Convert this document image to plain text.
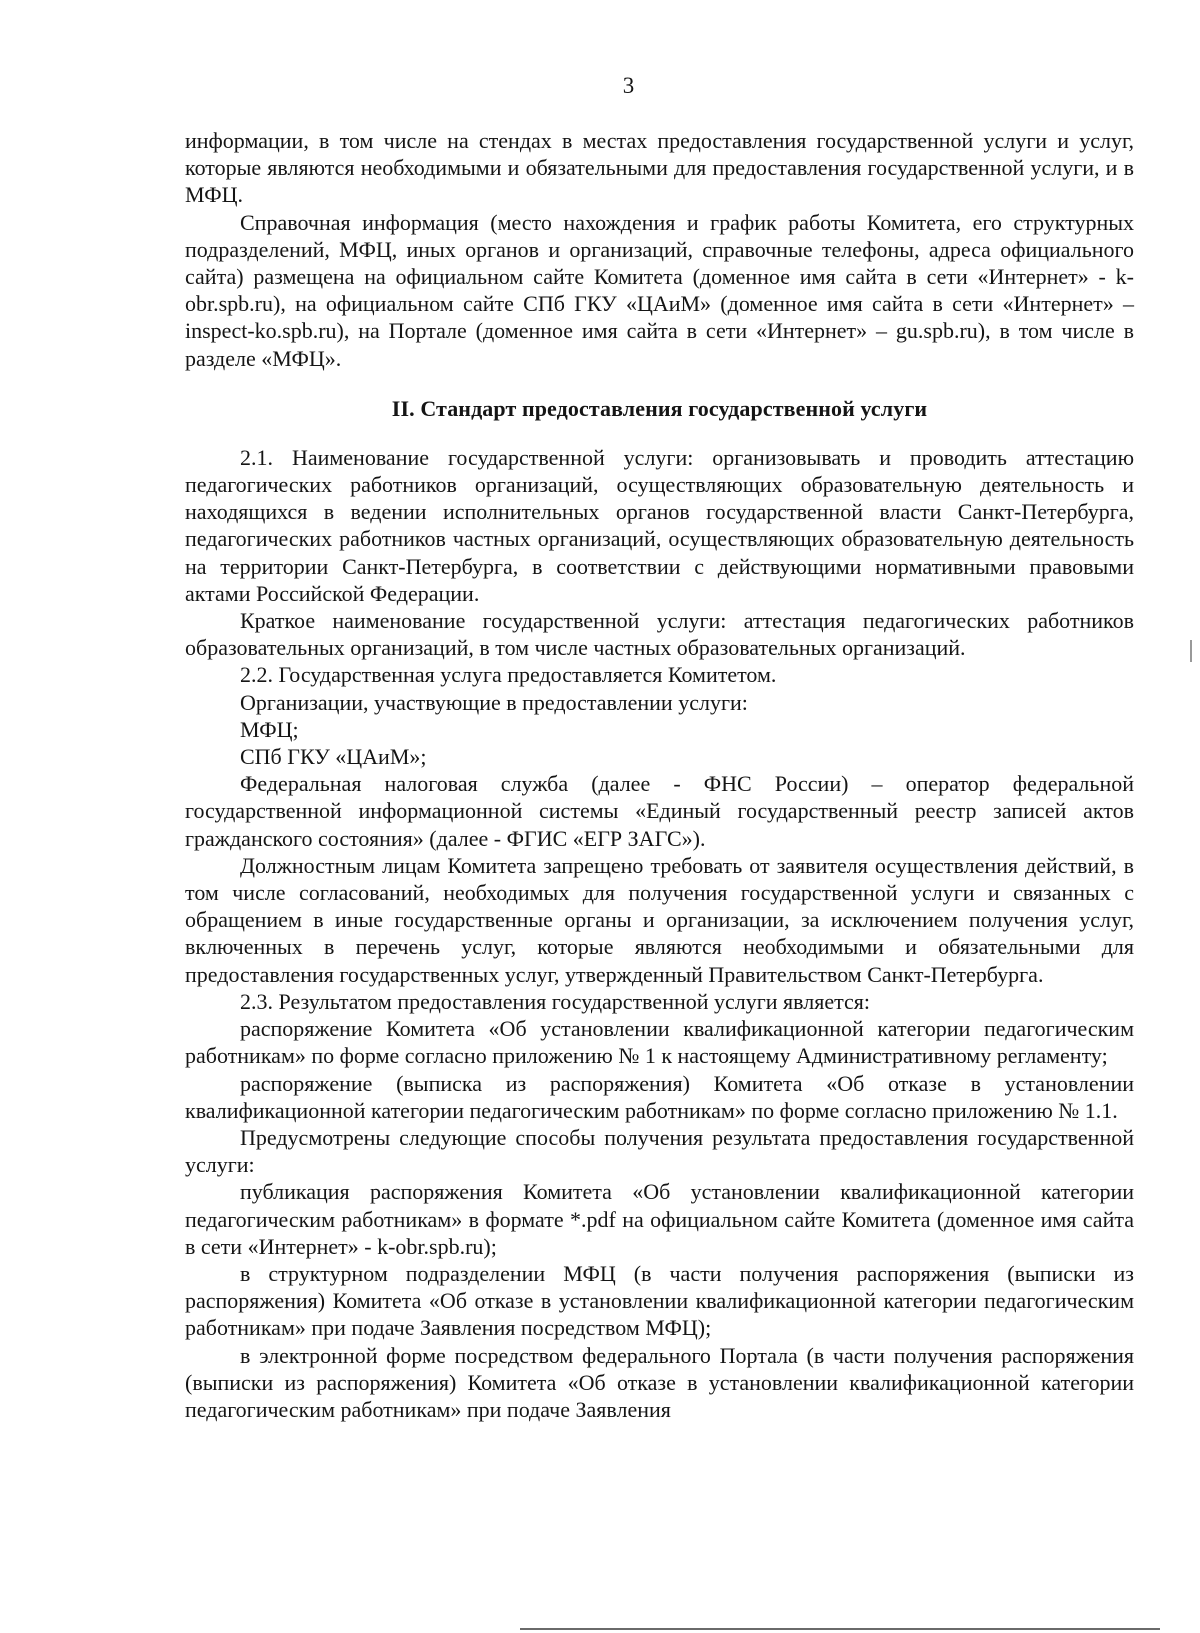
3

информации, в том числе на стендах в местах предоставления государственной услуги и услуг, которые являются необходимыми и обязательными для предоставления государственной услуги, и в МФЦ.

Справочная информация (место нахождения и график работы Комитета, его структурных подразделений, МФЦ, иных органов и организаций, справочные телефоны, адреса официального сайта) размещена на официальном сайте Комитета (доменное имя сайта в сети «Интернет» - k-obr.spb.ru), на официальном сайте СПб ГКУ «ЦАиМ» (доменное имя сайта в сети «Интернет» – inspect-ko.spb.ru), на Портале (доменное имя сайта в сети «Интернет» – gu.spb.ru), в том числе в разделе «МФЦ».

II. Стандарт предоставления государственной услуги

2.1. Наименование государственной услуги: организовывать и проводить аттестацию педагогических работников организаций, осуществляющих образовательную деятельность и находящихся в ведении исполнительных органов государственной власти Санкт-Петербурга, педагогических работников частных организаций, осуществляющих образовательную деятельность на территории Санкт-Петербурга, в соответствии с действующими нормативными правовыми актами Российской Федерации.

Краткое наименование государственной услуги: аттестация педагогических работников образовательных организаций, в том числе частных образовательных организаций.

2.2. Государственная услуга предоставляется Комитетом.

Организации, участвующие в предоставлении услуги:

МФЦ;

СПб ГКУ «ЦАиМ»;

Федеральная налоговая служба (далее - ФНС России) – оператор федеральной государственной информационной системы «Единый государственный реестр записей актов гражданского состояния» (далее - ФГИС «ЕГР ЗАГС»).

Должностным лицам Комитета запрещено требовать от заявителя осуществления действий, в том числе согласований, необходимых для получения государственной услуги и связанных с обращением в иные государственные органы и организации, за исключением получения услуг, включенных в перечень услуг, которые являются необходимыми и обязательными для предоставления государственных услуг, утвержденный Правительством Санкт-Петербурга.

2.3. Результатом предоставления государственной услуги является:

распоряжение Комитета «Об установлении квалификационной категории педагогическим работникам» по форме согласно приложению № 1 к настоящему Административному регламенту;

распоряжение (выписка из распоряжения) Комитета «Об отказе в установлении квалификационной категории педагогическим работникам» по форме согласно приложению № 1.1.

Предусмотрены следующие способы получения результата предоставления государственной услуги:

публикация распоряжения Комитета «Об установлении квалификационной категории педагогическим работникам» в формате *.pdf на официальном сайте Комитета (доменное имя сайта в сети «Интернет» - k-obr.spb.ru);

в структурном подразделении МФЦ (в части получения распоряжения (выписки из распоряжения) Комитета «Об отказе в установлении квалификационной категории педагогическим работникам» при подаче Заявления посредством МФЦ);

в электронной форме посредством федерального Портала (в части получения распоряжения (выписки из распоряжения) Комитета «Об отказе в установлении квалификационной категории педагогическим работникам» при подаче Заявления
